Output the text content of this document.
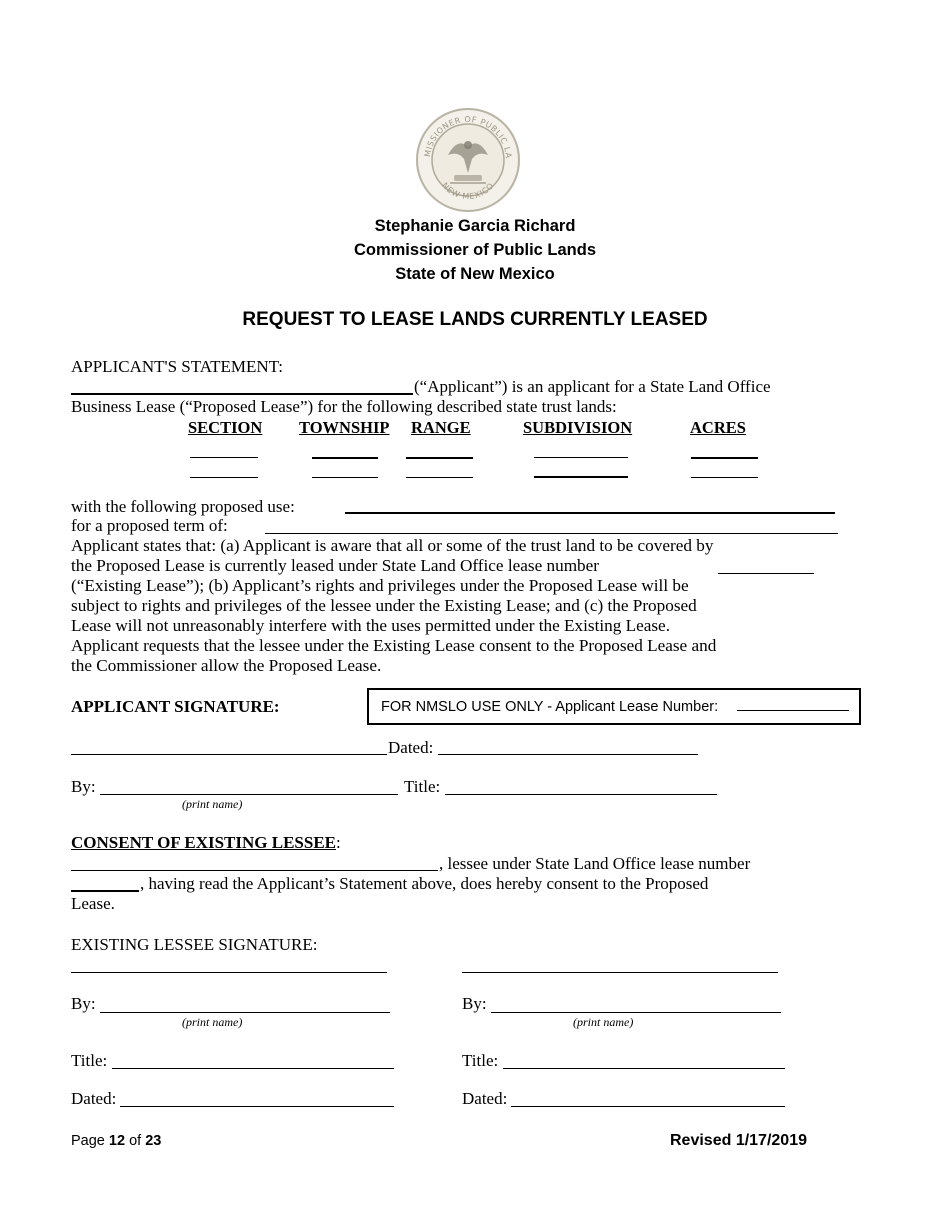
MISSIONER OF PUBLIC LA
NEW MEXICO
Stephanie Garcia Richard
Commissioner of Public Lands
State of New Mexico
REQUEST TO LEASE LANDS CURRENTLY LEASED
APPLICANT'S STATEMENT:
(“Applicant”) is an applicant for a State Land Office
Business Lease (“Proposed Lease”) for the following described state trust lands:
SECTION TOWNSHIP RANGE	SUBDIVISION	ACRES
with the following proposed use:
for a proposed term of:
Applicant states that: (a) Applicant is aware that all or some of the trust land to be covered by
the Proposed Lease is currently leased under State Land Office lease number
(“Existing Lease”); (b) Applicant’s rights and privileges under the Proposed Lease will be
subject to rights and privileges of the lessee under the Existing Lease; and (c) the Proposed
Lease will not unreasonably interfere with the uses permitted under the Existing Lease.
Applicant requests that the lessee under the Existing Lease consent to the Proposed Lease and
the Commissioner allow the Proposed Lease.
APPLICANT SIGNATURE:	FOR NMSLO USE ONLY - Applicant Lease Number:
Dated:
By:
(print name)
Title:
CONSENT OF EXISTING LESSEE:
, lessee under State Land Office lease number
, having read the Applicant’s Statement above, does hereby consent to the Proposed
Lease.
EXISTING LESSEE SIGNATURE:
By:
(print name)
Title:
Dated:
By:
(print name)
Title:
Dated:
Page 12 of 23	Revised 1/17/2019
